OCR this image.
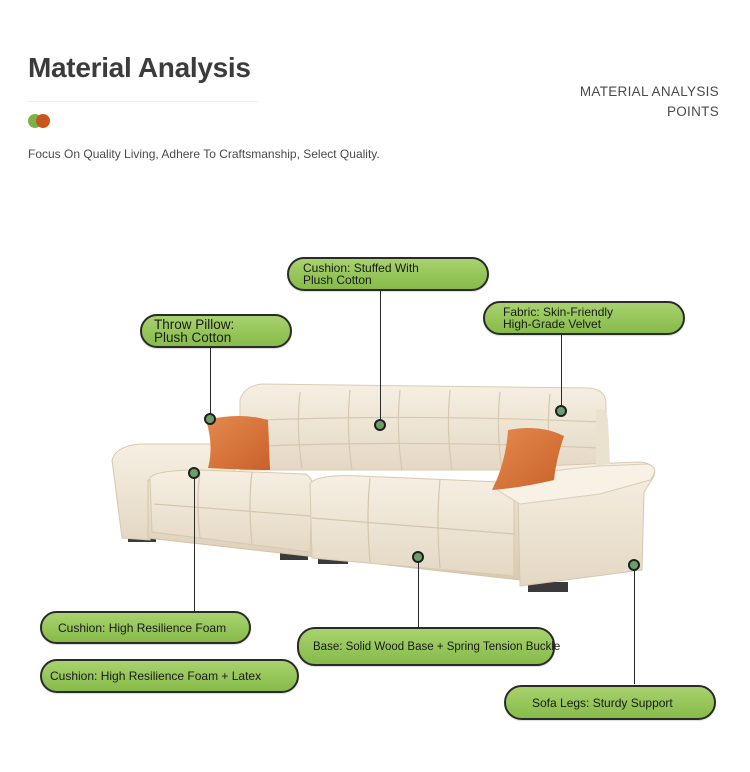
Material Analysis
Focus On Quality Living, Adhere To Craftsmanship, Select Quality.
MATERIAL ANALYSIS
POINTS
Cushion: Stuffed With
Plush Cotton
Throw Pillow:
Plush Cotton
Fabric: Skin-Friendly
High-Grade Velvet
Cushion: High Resilience Foam
Base: Solid Wood Base + Spring Tension Buckle
Cushion: High Resilience Foam + Latex
Sofa Legs: Sturdy Support
